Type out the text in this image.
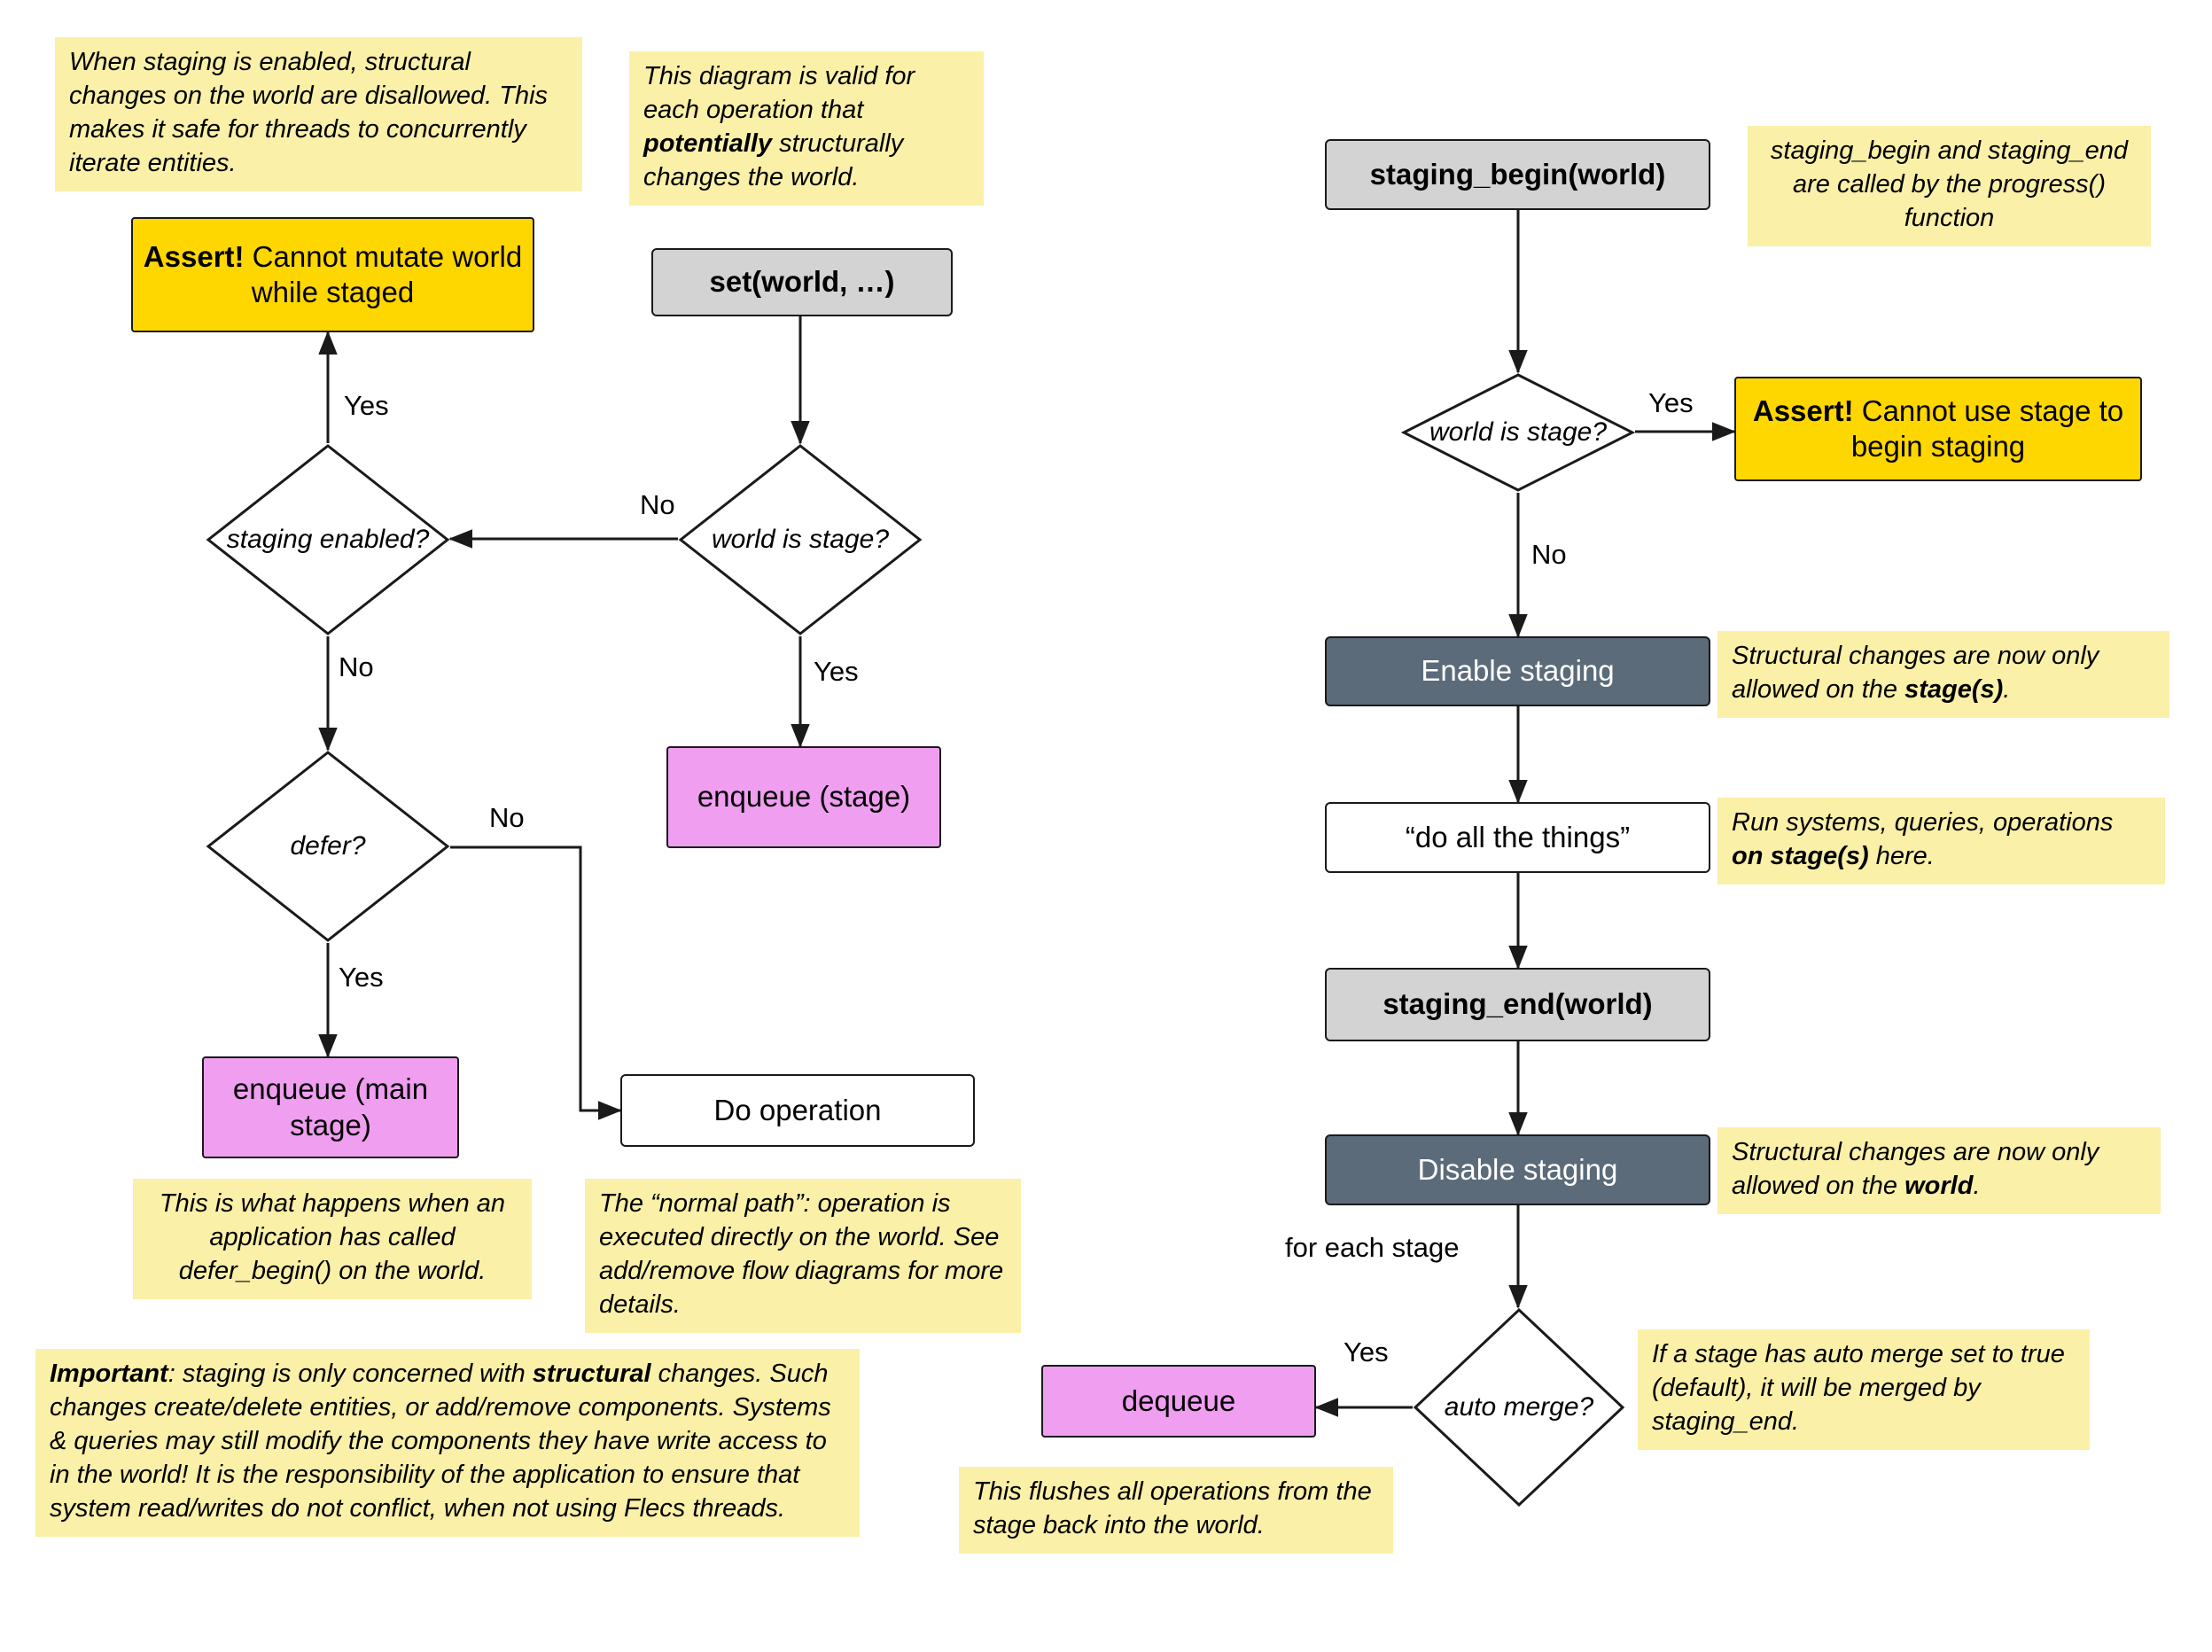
When staging is enabled, structural changes on the world are disallowed. This makes it safe for threads to concurrently iterate entities.
This diagram is valid for each operation that potentially structurally changes the world.
Assert! Cannot mutate world while staged	set(world, …)
staging enabled?	world is stage?
defer?
enqueue (stage)
enqueue (main stage)	Do operation
This is what happens when an application has called defer_begin() on the world.
The “normal path”: operation is executed directly on the world. See add/remove flow diagrams for more details.
Yes
No
No	Yes
No
Yes
Important: staging is only concerned with structural changes. Such changes create/delete entities, or add/remove components. Systems & queries may still modify the components they have write access to in the world! It is the responsibility of the application to ensure that system read/writes do not conflict, when not using Flecs threads.
staging_begin(world)
staging_begin and staging_end are called by the progress() function
world is stage?
Assert! Cannot use stage to begin staging
Enable staging	Structural changes are now only allowed on the stage(s).
“do all the things”	Run systems, queries, operations on stage(s) here.
staging_end(world)
Disable staging
Structural changes are now only allowed on the world.
for each stage
auto merge?
dequeue
Yes
Yes
No
If a stage has auto merge set to true (default), it will be merged by staging_end.
This flushes all operations from the stage back into the world.
